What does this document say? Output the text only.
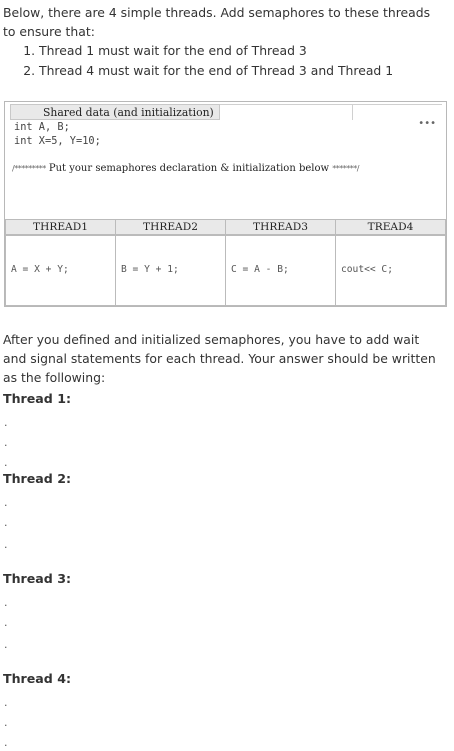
Below, there are 4 simple threads. Add semaphores to these threads to ensure that:
1. Thread 1 must wait for the end of Thread 3
2. Thread 4 must wait for the end of Thread 3 and Thread 1
Shared data (and initialization)
•••
int A, B;
int X=5, Y=10;
/********* Put your semaphores declaration & initialization below *******/
THREAD1	THREAD2	THREAD3	TREAD4
A = X + Y;	B = Y + 1;	C = A - B;	cout<< C;
After you defined and initialized semaphores, you have to add wait and signal statements for each thread. Your answer should be written as the following:
Thread 1:
.
.
.
Thread 2:
.
.
.
Thread 3:
.
.
.
Thread 4:
.
.
.
